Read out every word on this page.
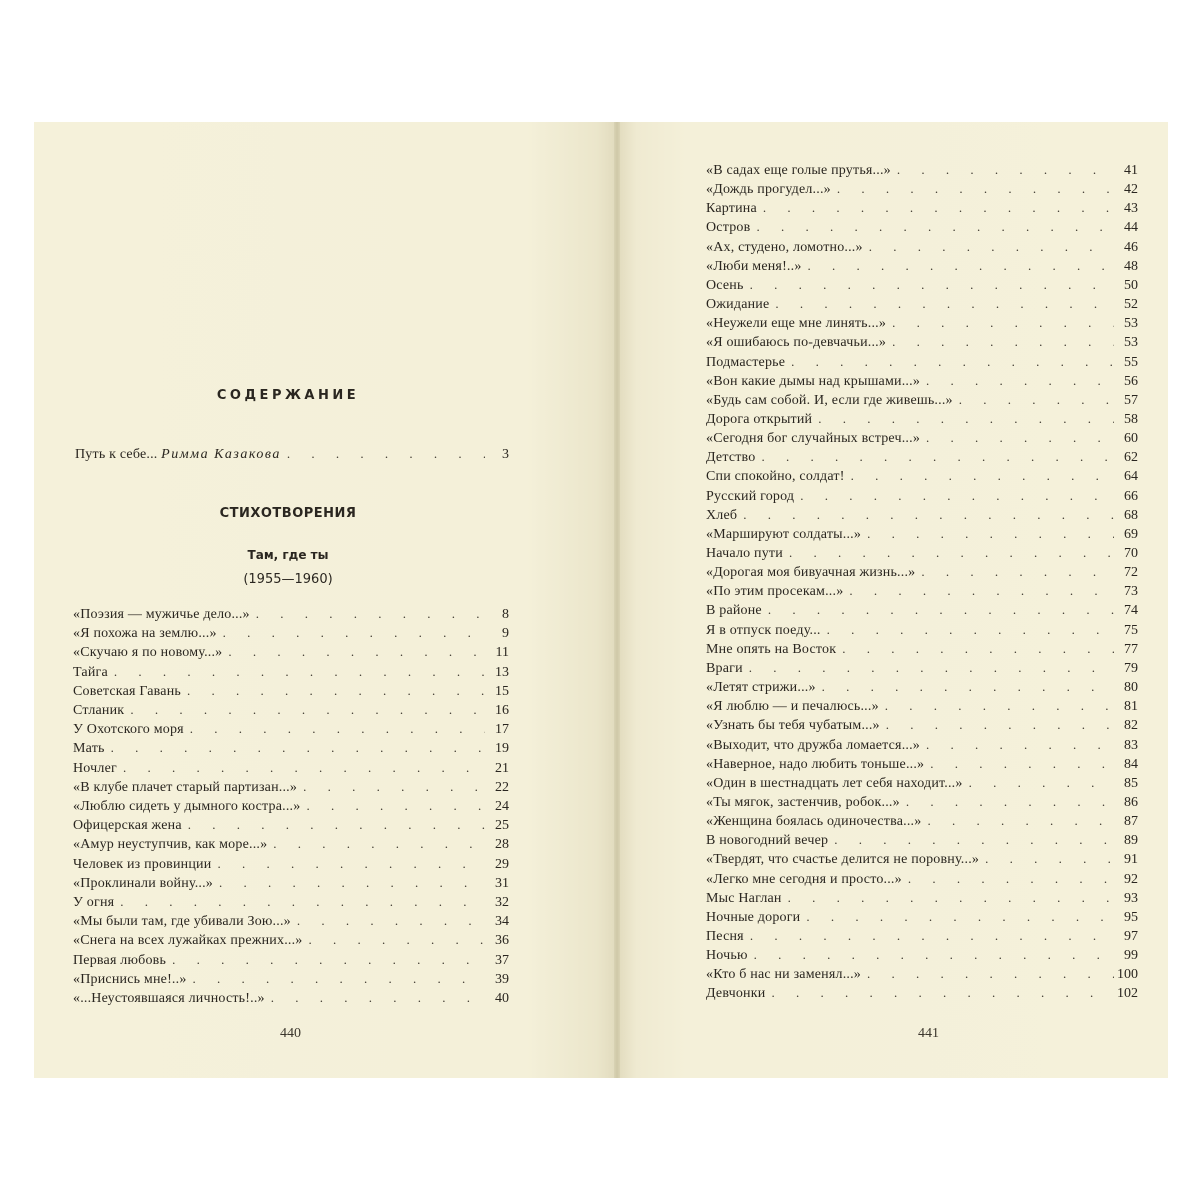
СОДЕРЖАНИЕ
Путь к себе... Римма Казакова . . .	3
СТИХОТВОРЕНИЯ
Там, где ты
(1955—1960)
«Поэзия — мужичье дело...» . . .	8
«Я похожа на землю...» . . .	9
«Скучаю я по новому...» . . .	11
Тайга . . .	13
Советская Гавань . . .	15
Стланик . . .	16
У Охотского моря . . .	17
Мать . . .	19
Ночлег . . .	21
«В клубе плачет старый партизан...» . . .	22
«Люблю сидеть у дымного костра...» . . .	24
Офицерская жена . . .	25
«Амур неуступчив, как море...» . . .	28
Человек из провинции . . .	29
«Проклинали войну...» . . .	31
У огня . . .	32
«Мы были там, где убивали Зою...» . . .	34
«Снега на всех лужайках прежних...» . . .	36
Первая любовь . . .	37
«Приснись мне!..» . . .	39
«...Неустоявшаяся личность!..» . . .	40
«В садах еще голые прутья...» . . .	41
«Дождь прогудел...» . . .	42
Картина . . .	43
Остров . . .	44
«Ах, студено, ломотно...» . . .	46
«Люби меня!..» . . .	48
Осень . . .	50
Ожидание . . .	52
«Неужели еще мне линять...» . . .	53
«Я ошибаюсь по-девчачьи...» . . .	53
Подмастерье . . .	55
«Вон какие дымы над крышами...» . . .	56
«Будь сам собой. И, если где живешь...» . . .	57
Дорога открытий . . .	58
«Сегодня бог случайных встреч...» . . .	60
Детство . . .	62
Спи спокойно, солдат! . . .	64
Русский город . . .	66
Хлеб . . .	68
«Маршируют солдаты...» . . .	69
Начало пути . . .	70
«Дорогая моя бивуачная жизнь...» . . .	72
«По этим просекам...» . . .	73
В районе . . .	74
Я в отпуск поеду... . . .	75
Мне опять на Восток . . .	77
Враги . . .	79
«Летят стрижи...» . . .	80
«Я люблю — и печалюсь...» . . .	81
«Узнать бы тебя чубатым...» . . .	82
«Выходит, что дружба ломается...» . . .	83
«Наверное, надо любить тоньше...» . . .	84
«Один в шестнадцать лет себя находит...» . . .	85
«Ты мягок, застенчив, робок...» . . .	86
«Женщина боялась одиночества...» . . .	87
В новогодний вечер . . .	89
«Твердят, что счастье делится не поровну...» . . .	91
«Легко мне сегодня и просто...» . . .	92
Мыс Наглан . . .	93
Ночные дороги . . .	95
Песня . . .	97
Ночью . . .	99
«Кто б нас ни заменял...» . . .	100
Девчонки . . .	102
440	441
